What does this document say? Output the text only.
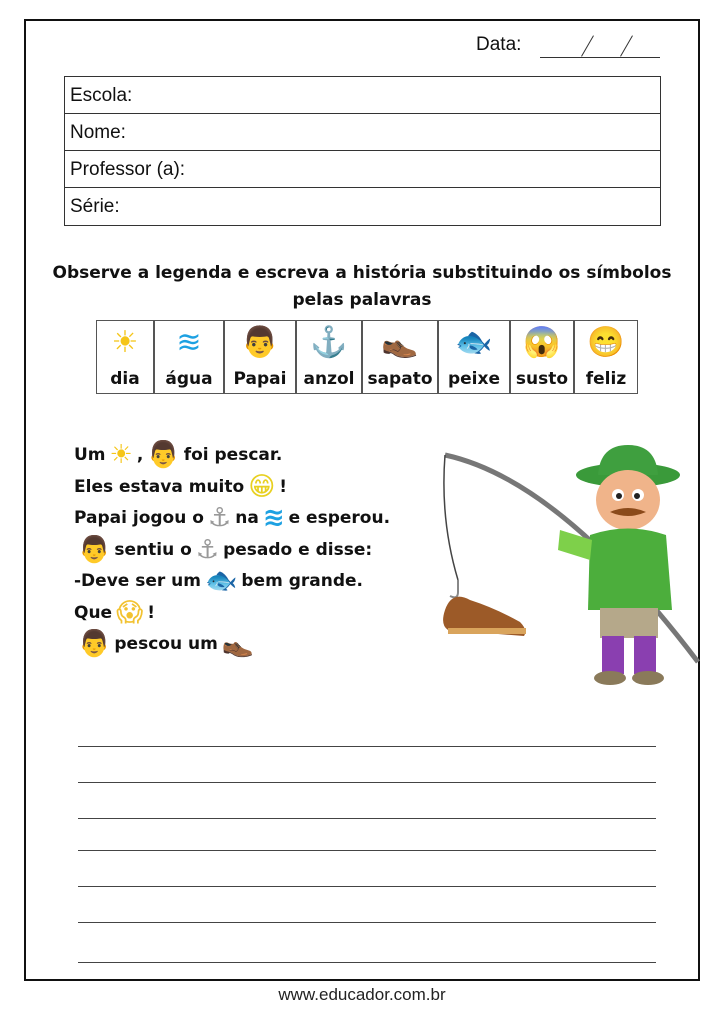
Data:
Escola:
Nome:
Professor (a):
Série:
Observe a legenda e escreva a história substituindo os símbolos pelas palavras
☀
dia
≋
água
👨
Papai
⚓
anzol
👞
sapato
🐟
peixe
😱
susto
😁
feliz
Um ☀ , 👨 foi pescar.
Eles estava muito 😁 !
Papai jogou o ⚓ na ≋ e esperou.
👨 sentiu o ⚓ pesado e disse:
-Deve ser um 🐟 bem grande.
Que 😱 !
👨 pescou um 👞
www.educador.com.br
